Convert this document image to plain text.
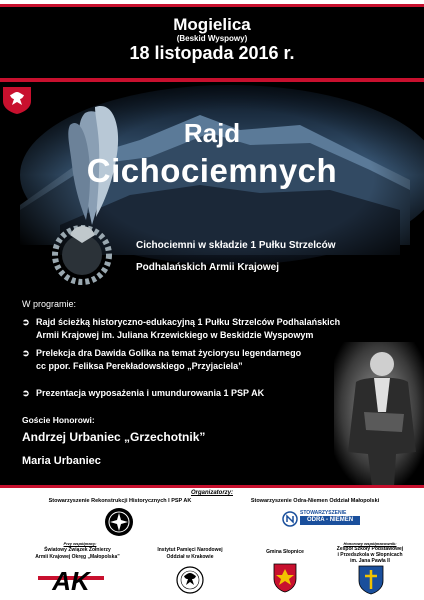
Mogielica
(Beskid Wyspowy)
18 listopada 2016 r.
Rajd
Cichociemnych
Cichociemni w składzie 1 Pułku Strzelców
Podhalańskich Armii Krajowej
W programie:
➲ Rajd ścieżką historyczno-edukacyjną 1 Pułku Strzelców Podhalańskich
Armii Krajowej im. Juliana Krzewickiego w Beskidzie Wyspowym
➲ Prelekcja dra Dawida Golika na temat życiorysu legendarnego
cc ppor. Feliksa Perekładowskiego „Przyjaciela”
➲ Prezentacja wyposażenia i umundurowania 1 PSP AK
Goście Honorowi:
Andrzej Urbaniec „Grzechotnik”
Maria Urbaniec
Organizatorzy:
Stowarzyszenie Rekonstrukcji Historycznych I PSP AK	Stowarzyszenie Odra-Niemen Oddział Małopolski
STOWARZYSZENIE
ODRA - NIEMEN
Przy współpracy:
Światowy Związek Żołnierzy
Armii Krajowej Okręg „Małopolska”
Instytut Pamięci Narodowej
Oddział w Krakowie
Gmina Słopnice
Honorowy współpracownik:
Zespół Szkoły Podstawowej
i Przedszkola w Słopnicach
im. Jana Pawła II
AK
